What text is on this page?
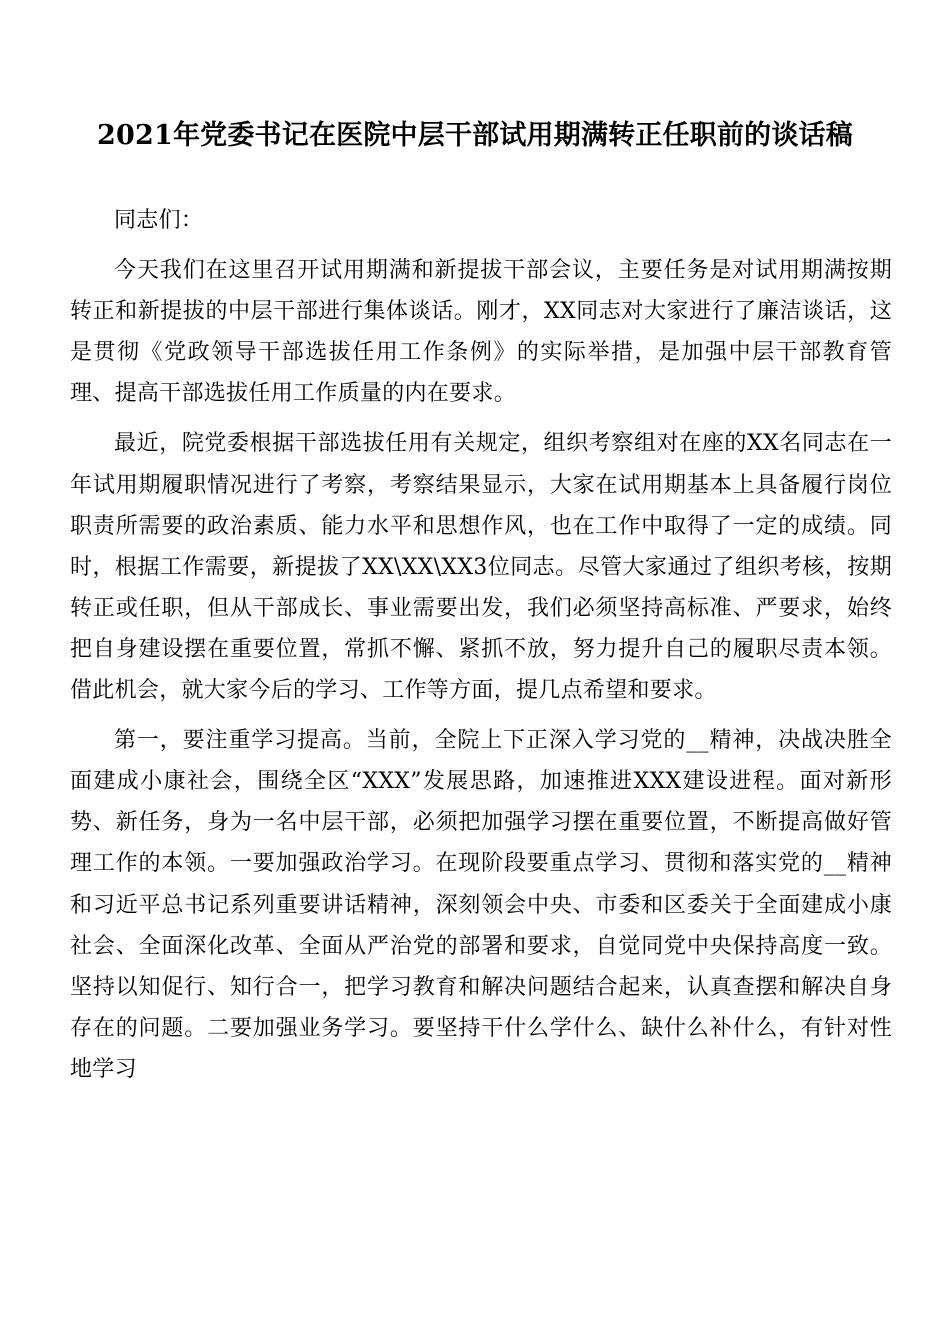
2021年党委书记在医院中层干部试用期满转正任职前的谈话稿

同志们：

今天我们在这里召开试用期满和新提拔干部会议，主要任务是对试用期满按期转正和新提拔的中层干部进行集体谈话。刚才，XX同志对大家进行了廉洁谈话，这是贯彻《党政领导干部选拔任用工作条例》的实际举措，是加强中层干部教育管理、提高干部选拔任用工作质量的内在要求。

最近，院党委根据干部选拔任用有关规定，组织考察组对在座的XX名同志在一年试用期履职情况进行了考察，考察结果显示，大家在试用期基本上具备履行岗位职责所需要的政治素质、能力水平和思想作风，也在工作中取得了一定的成绩。同时，根据工作需要，新提拔了XX\XX\XX3位同志。尽管大家通过了组织考核，按期转正或任职，但从干部成长、事业需要出发，我们必须坚持高标准、严要求，始终把自身建设摆在重要位置，常抓不懈、紧抓不放，努力提升自己的履职尽责本领。借此机会，就大家今后的学习、工作等方面，提几点希望和要求。

第一，要注重学习提高。当前，全院上下正深入学习党的__精神，决战决胜全面建成小康社会，围绕全区“XXX”发展思路，加速推进XXX建设进程。面对新形势、新任务，身为一名中层干部，必须把加强学习摆在重要位置，不断提高做好管理工作的本领。一要加强政治学习。在现阶段要重点学习、贯彻和落实党的__精神和习近平总书记系列重要讲话精神，深刻领会中央、市委和区委关于全面建成小康社会、全面深化改革、全面从严治党的部署和要求，自觉同党中央保持高度一致。坚持以知促行、知行合一，把学习教育和解决问题结合起来，认真查摆和解决自身存在的问题。二要加强业务学习。要坚持干什么学什么、缺什么补什么，有针对性地学习
